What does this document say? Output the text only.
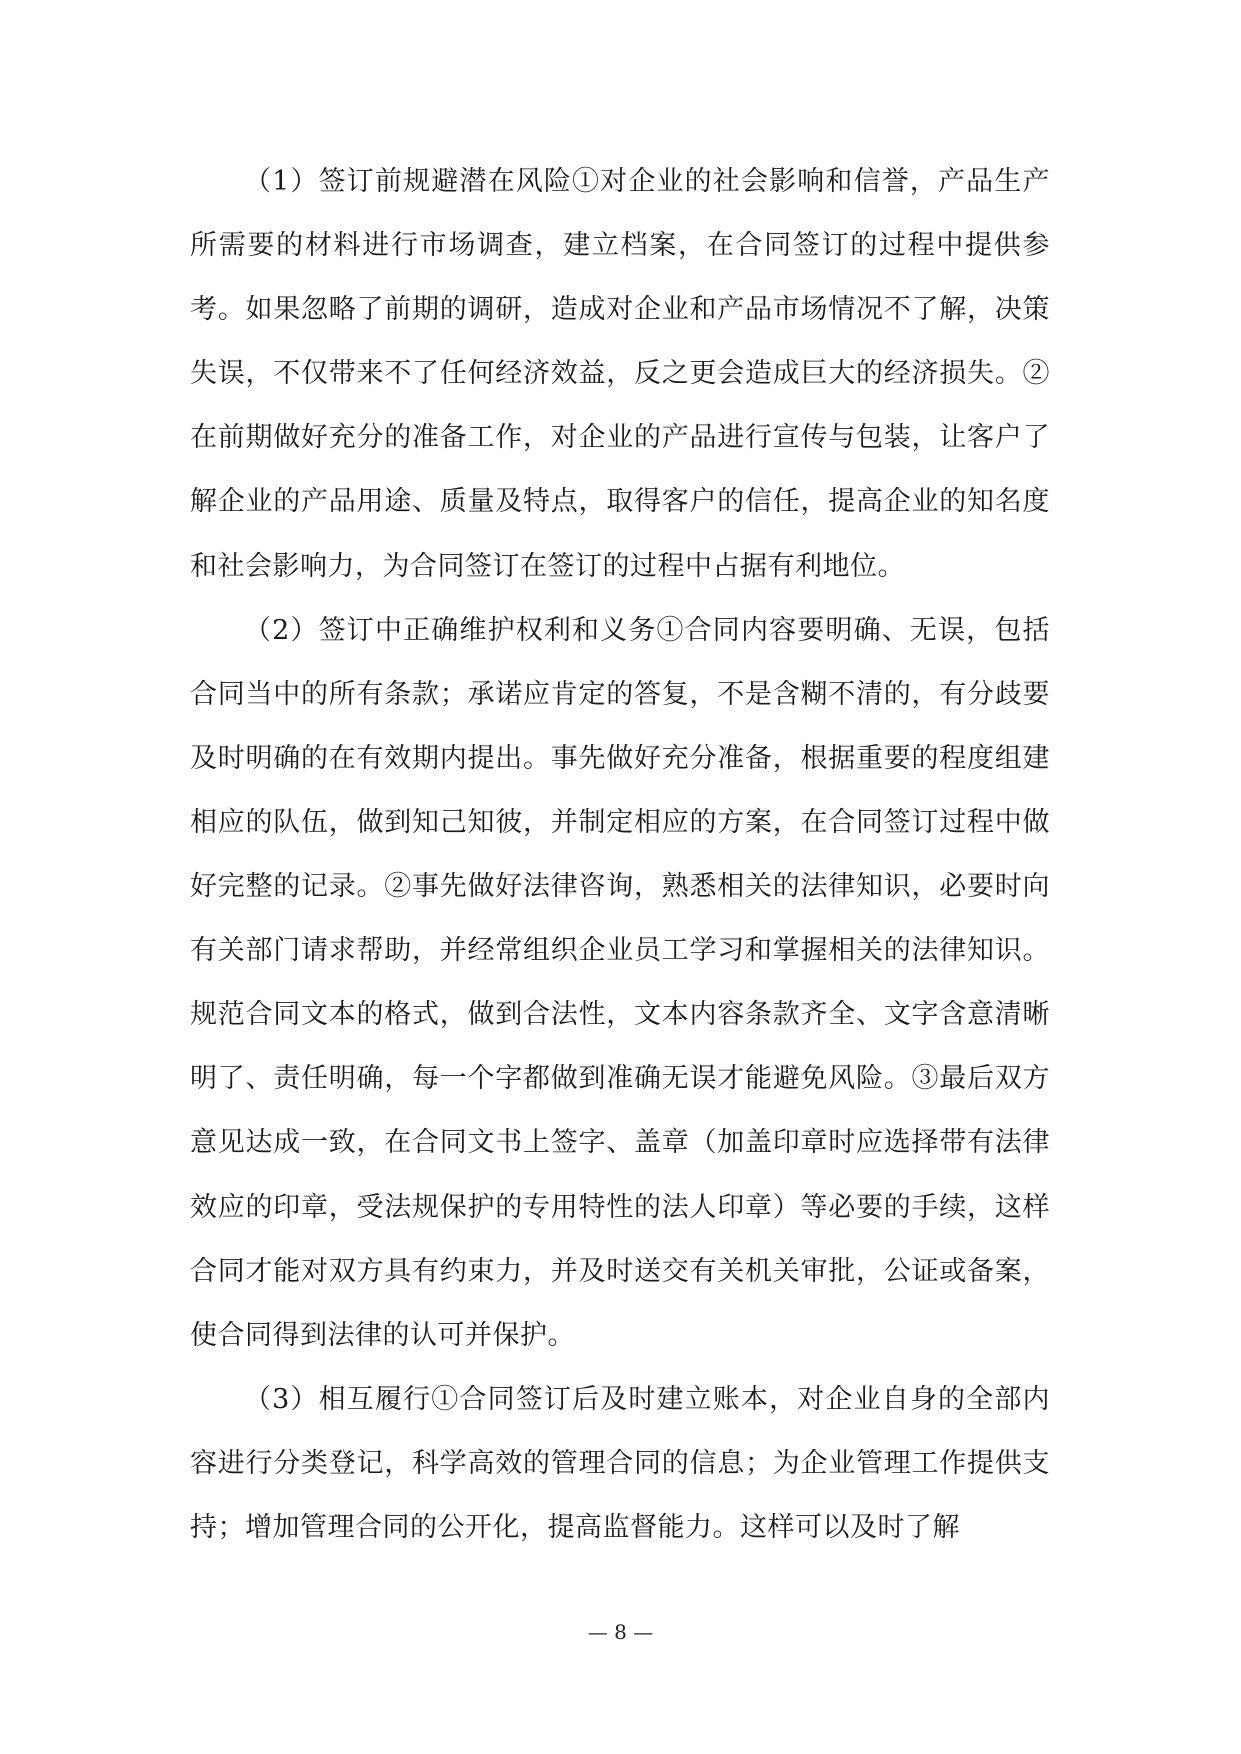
（1）签订前规避潜在风险①对企业的社会影响和信誉，产品生产所需要的材料进行市场调查，建立档案，在合同签订的过程中提供参考。如果忽略了前期的调研，造成对企业和产品市场情况不了解，决策失误，不仅带来不了任何经济效益，反之更会造成巨大的经济损失。②在前期做好充分的准备工作，对企业的产品进行宣传与包装，让客户了解企业的产品用途、质量及特点，取得客户的信任，提高企业的知名度和社会影响力，为合同签订在签订的过程中占据有利地位。

（2）签订中正确维护权利和义务①合同内容要明确、无误，包括合同当中的所有条款；承诺应肯定的答复，不是含糊不清的，有分歧要及时明确的在有效期内提出。事先做好充分准备，根据重要的程度组建相应的队伍，做到知己知彼，并制定相应的方案，在合同签订过程中做好完整的记录。②事先做好法律咨询，熟悉相关的法律知识，必要时向有关部门请求帮助，并经常组织企业员工学习和掌握相关的法律知识。规范合同文本的格式，做到合法性，文本内容条款齐全、文字含意清晰明了、责任明确，每一个字都做到准确无误才能避免风险。③最后双方意见达成一致，在合同文书上签字、盖章（加盖印章时应选择带有法律效应的印章，受法规保护的专用特性的法人印章）等必要的手续，这样合同才能对双方具有约束力，并及时送交有关机关审批，公证或备案，使合同得到法律的认可并保护。

（3）相互履行①合同签订后及时建立账本，对企业自身的全部内容进行分类登记，科学高效的管理合同的信息；为企业管理工作提供支持；增加管理合同的公开化，提高监督能力。这样可以及时了解

— 8 —
